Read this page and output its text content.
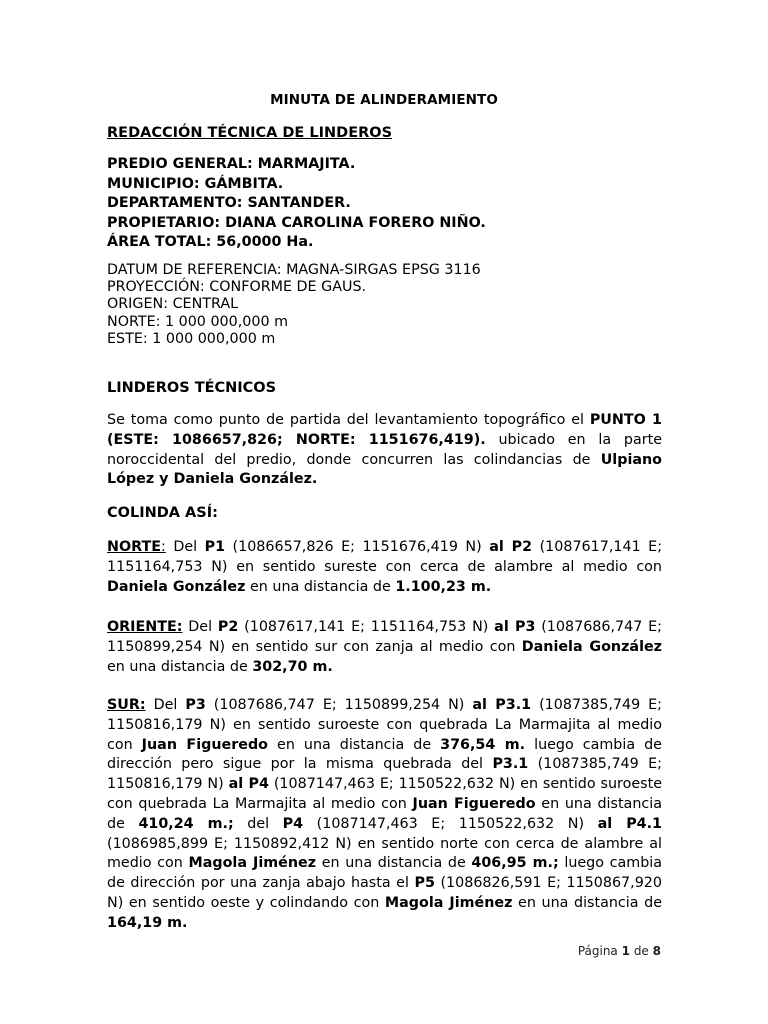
MINUTA DE ALINDERAMIENTO
REDACCIÓN TÉCNICA DE LINDEROS
PREDIO GENERAL: MARMAJITA.
MUNICIPIO: GÁMBITA.
DEPARTAMENTO: SANTANDER.
PROPIETARIO: DIANA CAROLINA FORERO NIÑO.
ÁREA TOTAL: 56,0000 Ha.
DATUM DE REFERENCIA: MAGNA-SIRGAS EPSG 3116
PROYECCIÓN: CONFORME DE GAUS.
ORIGEN: CENTRAL
NORTE: 1 000 000,000 m
ESTE: 1 000 000,000 m
LINDEROS TÉCNICOS
Se toma como punto de partida del levantamiento topográfico el PUNTO 1 (ESTE: 1086657,826; NORTE: 1151676,419). ubicado en la parte noroccidental del predio, donde concurren las colindancias de Ulpiano López y Daniela González.
COLINDA ASÍ:
NORTE: Del P1 (1086657,826 E; 1151676,419 N) al P2 (1087617,141 E; 1151164,753 N) en sentido sureste con cerca de alambre al medio con Daniela González en una distancia de 1.100,23 m.
ORIENTE: Del P2 (1087617,141 E; 1151164,753 N) al P3 (1087686,747 E; 1150899,254 N) en sentido sur con zanja al medio con Daniela González en una distancia de 302,70 m.
SUR: Del P3 (1087686,747 E; 1150899,254 N) al P3.1 (1087385,749 E; 1150816,179 N) en sentido suroeste con quebrada La Marmajita al medio con Juan Figueredo en una distancia de 376,54 m. luego cambia de dirección pero sigue por la misma quebrada del P3.1 (1087385,749 E; 1150816,179 N) al P4 (1087147,463 E; 1150522,632 N) en sentido suroeste con quebrada La Marmajita al medio con Juan Figueredo en una distancia de 410,24 m.; del P4 (1087147,463 E; 1150522,632 N) al P4.1 (1086985,899 E; 1150892,412 N) en sentido norte con cerca de alambre al medio con Magola Jiménez en una distancia de 406,95 m.; luego cambia de dirección por una zanja abajo hasta el P5 (1086826,591 E; 1150867,920 N) en sentido oeste y colindando con Magola Jiménez en una distancia de 164,19 m.
Página 1 de 8
